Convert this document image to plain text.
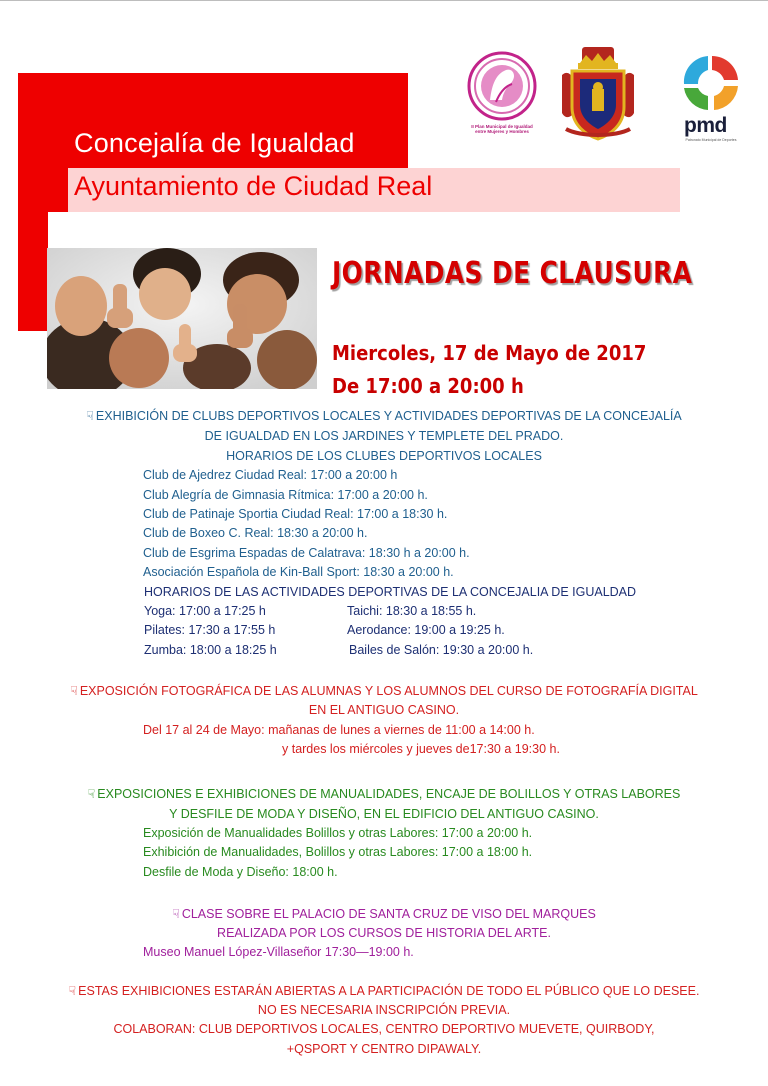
Concejalía de Igualdad
Ayuntamiento de Ciudad Real
II Plan Municipal de Igualdad entre Mujeres y Hombres	pmd
Patronato Municipal de Deportes
JORNADAS DE CLAUSURA
Miercoles, 17 de Mayo de 2017
De 17:00 a 20:00 h
☟ EXHIBICIÓN DE CLUBS DEPORTIVOS LOCALES Y ACTIVIDADES DEPORTIVAS DE LA CONCEJALÍA
DE IGUALDAD EN LOS JARDINES Y TEMPLETE DEL PRADO.
HORARIOS DE LOS CLUBES DEPORTIVOS LOCALES
Club de Ajedrez Ciudad Real: 17:00 a 20:00 h
Club Alegría de Gimnasia Rítmica: 17:00 a 20:00 h.
Club de Patinaje Sportia Ciudad Real: 17:00 a 18:30 h.
Club de Boxeo C. Real: 18:30 a 20:00 h.
Club de Esgrima Espadas de Calatrava: 18:30 h a 20:00 h.
Asociación Española de Kin-Ball Sport: 18:30 a 20:00 h.
HORARIOS DE LAS ACTIVIDADES DEPORTIVAS DE LA CONCEJALIA DE IGUALDAD
Yoga: 17:00 a 17:25 h	Taichi: 18:30 a 18:55 h.
Pilates: 17:30 a 17:55 h	Aerodance: 19:00 a 19:25 h.
Zumba: 18:00 a 18:25 h	Bailes de Salón: 19:30 a 20:00 h.
☟ EXPOSICIÓN FOTOGRÁFICA DE LAS ALUMNAS Y LOS ALUMNOS DEL CURSO DE FOTOGRAFÍA DIGITAL
EN EL ANTIGUO CASINO.
Del 17 al 24 de Mayo: mañanas de lunes a viernes de 11:00 a 14:00 h.
y tardes los miércoles y jueves de17:30 a 19:30 h.
☟ EXPOSICIONES E EXHIBICIONES DE MANUALIDADES, ENCAJE DE BOLILLOS Y OTRAS LABORES
Y DESFILE DE MODA Y DISEÑO, EN EL EDIFICIO DEL ANTIGUO CASINO.
Exposición de Manualidades Bolillos y otras Labores: 17:00 a 20:00 h.
Exhibición de Manualidades, Bolillos y otras Labores: 17:00 a 18:00 h.
Desfile de Moda y Diseño: 18:00 h.
☟ CLASE SOBRE EL PALACIO DE SANTA CRUZ DE VISO DEL MARQUES
REALIZADA POR LOS CURSOS DE HISTORIA DEL ARTE.
Museo Manuel López-Villaseñor 17:30—19:00 h.
☟ ESTAS EXHIBICIONES ESTARÁN ABIERTAS A LA PARTICIPACIÓN DE TODO EL PÚBLICO QUE LO DESEE.
NO ES NECESARIA INSCRIPCIÓN PREVIA.
COLABORAN: CLUB DEPORTIVOS LOCALES, CENTRO DEPORTIVO MUEVETE, QUIRBODY,
+QSPORT Y CENTRO DIPAWALY.
